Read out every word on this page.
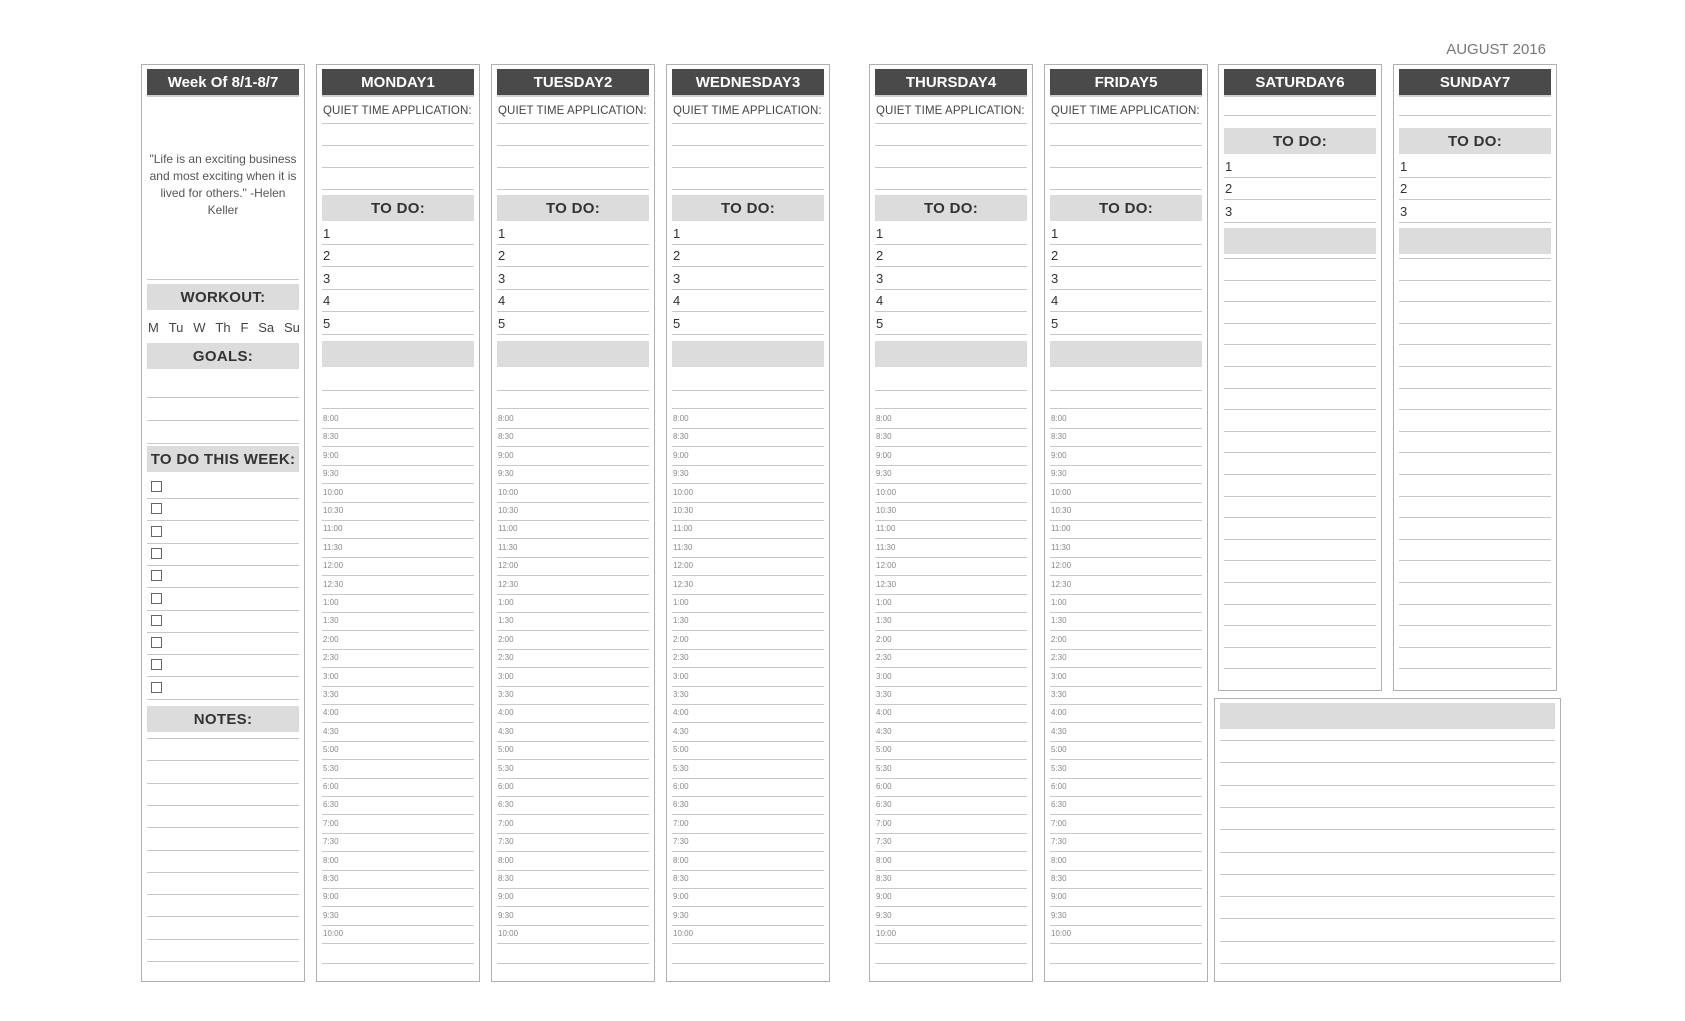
AUGUST 2016
Week Of 8/1-8/7
"Life is an exciting business and most exciting when it is lived for others." -Helen Keller
WORKOUT:
M Tu W Th F Sa Su
GOALS:
TO DO THIS WEEK:
NOTES:
MONDAY 1
QUIET TIME APPLICATION:
TO DO:
1
2
3
4
5
8:00
8:30
9:00
9:30
10:00
10:30
11:00
11:30
12:00
12:30
1:00
1:30
2:00
2:30
3:00
3:30
4:00
4:30
5:00
5:30
6:00
6:30
7:00
7:30
8:00
8:30
9:00
9:30
10:00
TUESDAY 2
QUIET TIME APPLICATION:
TO DO:
1
2
3
4
5
8:00
8:30
9:00
9:30
10:00
10:30
11:00
11:30
12:00
12:30
1:00
1:30
2:00
2:30
3:00
3:30
4:00
4:30
5:00
5:30
6:00
6:30
7:00
7:30
8:00
8:30
9:00
9:30
10:00
WEDNESDAY 3
QUIET TIME APPLICATION:
TO DO:
1
2
3
4
5
8:00
8:30
9:00
9:30
10:00
10:30
11:00
11:30
12:00
12:30
1:00
1:30
2:00
2:30
3:00
3:30
4:00
4:30
5:00
5:30
6:00
6:30
7:00
7:30
8:00
8:30
9:00
9:30
10:00
THURSDAY 4
QUIET TIME APPLICATION:
TO DO:
1
2
3
4
5
8:00
8:30
9:00
9:30
10:00
10:30
11:00
11:30
12:00
12:30
1:00
1:30
2:00
2:30
3:00
3:30
4:00
4:30
5:00
5:30
6:00
6:30
7:00
7:30
8:00
8:30
9:00
9:30
10:00
FRIDAY 5
QUIET TIME APPLICATION:
TO DO:
1
2
3
4
5
8:00
8:30
9:00
9:30
10:00
10:30
11:00
11:30
12:00
12:30
1:00
1:30
2:00
2:30
3:00
3:30
4:00
4:30
5:00
5:30
6:00
6:30
7:00
7:30
8:00
8:30
9:00
9:30
10:00
SATURDAY 6
TO DO:
1
2
3
SUNDAY 7
TO DO:
1
2
3
